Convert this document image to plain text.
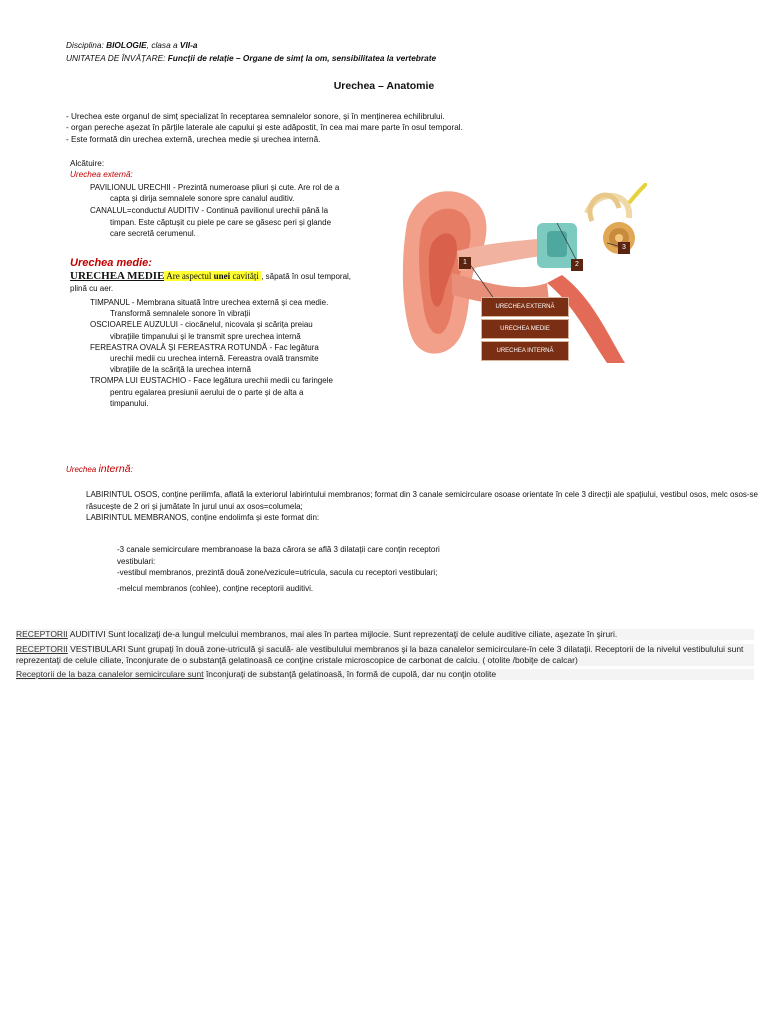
Disciplina: BIOLOGIE, clasa a VII-a
UNITATEA DE ÎNVĂȚARE: Funcții de relație – Organe de simț la om, sensibilitatea la vertebrate
Urechea – Anatomie
- Urechea este organul de simț specializat în receptarea semnalelor sonore, și în menținerea echilibrului.
- organ pereche așezat în părțile laterale ale capului și este adăpostit, în cea mai mare parte în osul temporal.
- Este formată din urechea externă, urechea medie și urechea internă.
Alcătuire:
Urechea externă:
PAVILIONUL URECHII - Prezintă numeroase pliuri și cute. Are rol de a capta și dirija semnalele sonore spre canalul auditiv.
CANALUL=conductul AUDITIV - Continuă pavilionul urechii până la timpan. Este căptușit cu piele pe care se găsesc peri și glande care secretă cerumenul.
Urechea medie:
URECHEA MEDIE Are aspectul unei cavități , săpată în osul temporal, plină cu aer.
TIMPANUL - Membrana situată între urechea externă și cea medie. Transformă semnalele sonore în vibrații
OSCIOARELE AUZULUI - ciocănelul, nicovala și scărița preiau vibrațiile timpanului și le transmit spre urechea internă
FEREASTRA OVALĂ ȘI FEREASTRA ROTUNDĂ - Fac legătura urechii medii cu urechea internă. Fereastra ovală transmite vibrațiile de la scăriță la urechea internă
TROMPA LUI EUSTACHIO - Face legătura urechii medii cu faringele pentru egalarea presiunii aerului de o parte și de alta a timpanului.
1	2
3
URECHEA EXTERNĂ
URECHEA MEDIE
URECHEA INTERNĂ
Urechea internă:
LABIRINTUL OSOS, conține perilimfa, aflată la exteriorul labirintului membranos; format din 3 canale semicirculare osoase orientate în cele 3 direcții ale spațiului, vestibul osos, melc osos-se răsucește de 2 ori și jumătate în jurul unui ax osos=columela;
LABIRINTUL MEMBRANOS, conține endolimfa și este format din:
-3 canale semicirculare membranoase la baza cărora se află 3 dilatații care conțin receptori vestibulari:
-vestibul membranos, prezintă două zone/vezicule=utricula, sacula cu receptori vestibulari;
-melcul membranos (cohlee), conține receptorii auditivi.
RECEPTORII AUDITIVI Sunt localizaţi de-a lungul melcului membranos, mai ales în partea mijlocie. Sunt reprezentaţi de celule auditive ciliate, aşezate în şiruri.
RECEPTORII VESTIBULARI Sunt grupaţi în două zone-utriculă şi saculă- ale vestibulului membranos şi la baza canalelor semicirculare-în cele 3 dilataţii. Receptorii de la nivelul vestibulului sunt reprezentaţi de celule ciliate, înconjurate de o substanţă gelatinoasă ce conţine cristale microscopice de carbonat de calciu. ( otolite /bobiţe de calcar)
Receptorii de la baza canalelor semicirculare sunt înconjuraţi de substanţă gelatinoasă, în formă de cupolă, dar nu conţin otolite
